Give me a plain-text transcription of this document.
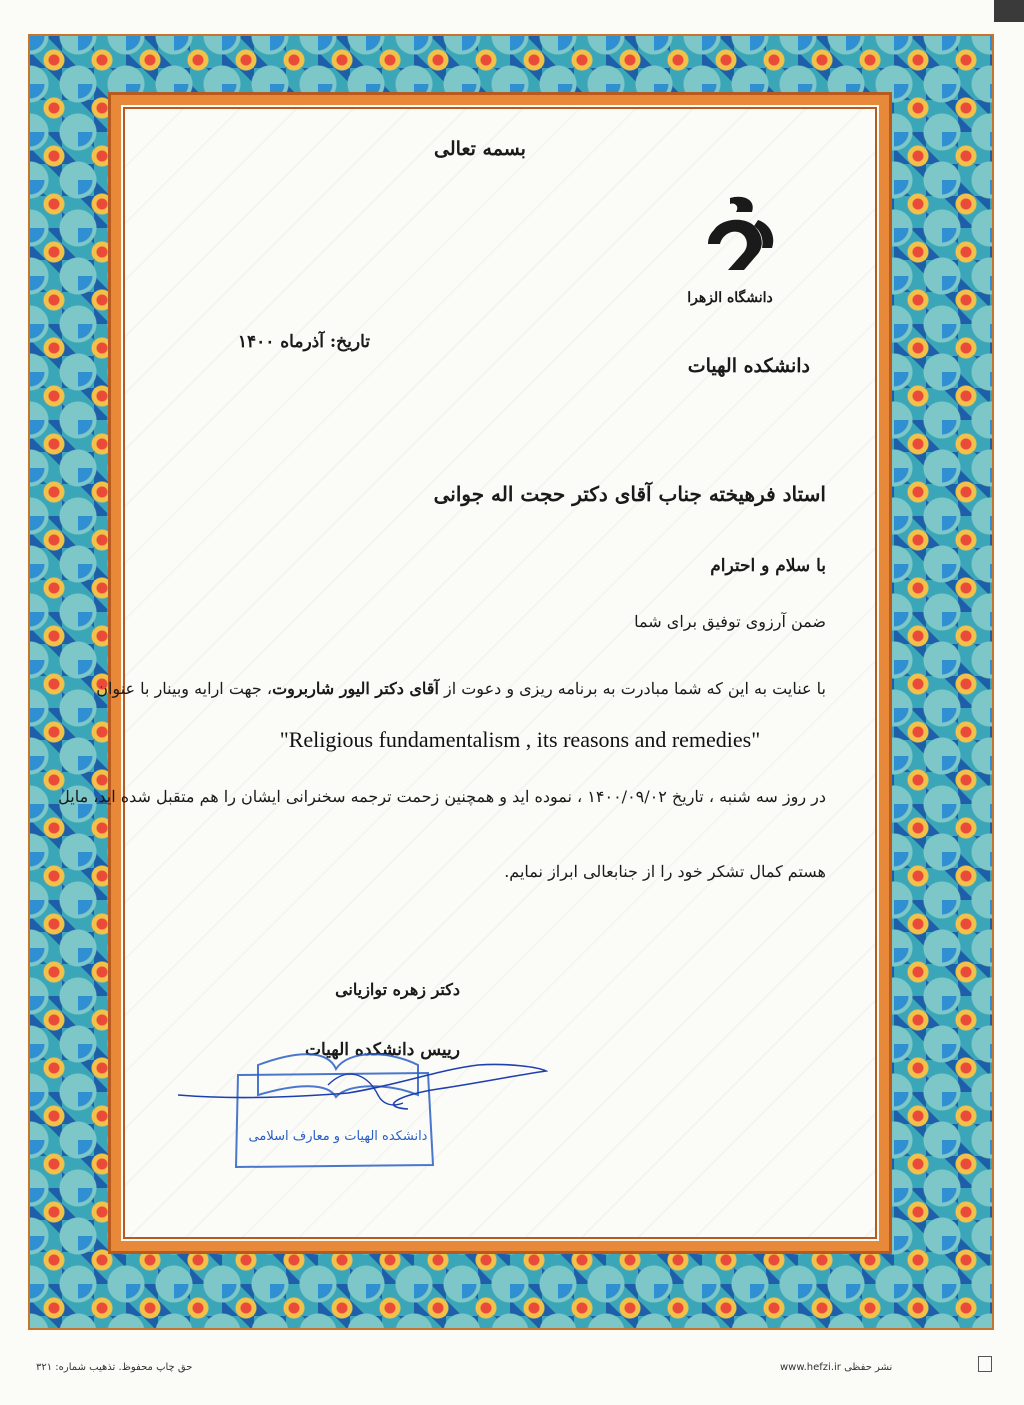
بسمه تعالی
دانشگاه الزهرا
دانشکده الهیات
تاریخ: آذرماه ۱۴۰۰
استاد فرهیخته جناب آقای دکتر حجت اله جوانی
با سلام و احترام
ضمن آرزوی توفیق برای شما
با عنایت به این که شما مبادرت به برنامه ریزی و دعوت از آقای دکتر الیور شاربروت، جهت ارایه وبینار با عنوان
"Religious fundamentalism , its reasons and remedies"
در روز سه شنبه ، تاریخ ۱۴۰۰/۰۹/۰۲ ، نموده اید و همچنین زحمت ترجمه سخنرانی ایشان را هم متقبل شده اید، مایل
هستم کمال تشکر خود را از جنابعالی ابراز نمایم.
دکتر زهره توازیانی
رییس دانشکده الهیات
دانشکده الهیات و معارف اسلامی
حق چاپ محفوظ. تذهیب شماره: ۳۲۱	www.hefzi.ir نشر حفظی
